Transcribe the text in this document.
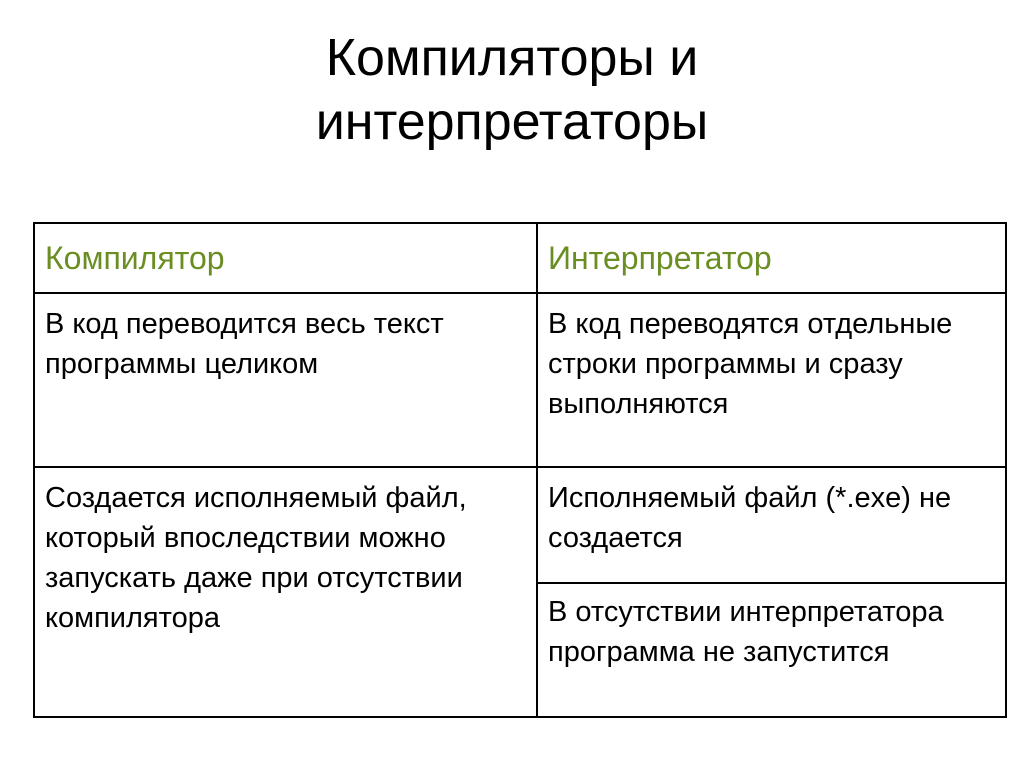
Компиляторы и
интерпретаторы
Компилятор	Интерпретатор
В код переводится весь текст программы целиком	В код переводятся отдельные строки программы и сразу выполняются
Создается исполняемый файл, который впоследствии можно запускать даже при отсутствии компилятора	Исполняемый файл (*.exe) не создается
	В отсутствии интерпретатора программа не запустится
